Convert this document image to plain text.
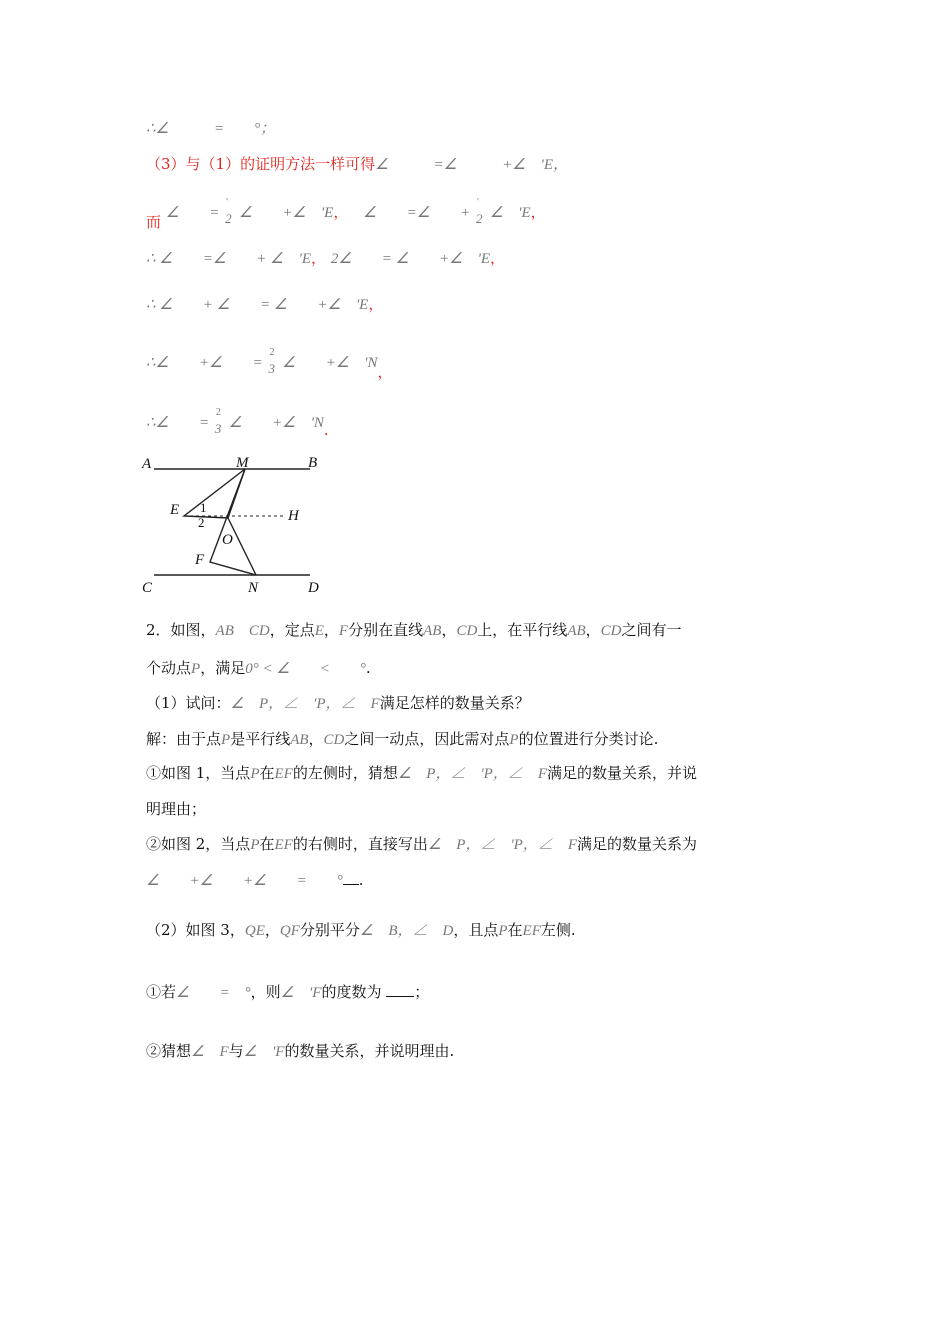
∴∠　　　=　　°；
（3）与（1）的证明方法一样可得∠　　　=∠　　　+∠　'E，
而 ∠　　=
'
2 ∠　　+∠　'E， ∠　　=∠　　+
'
2 ∠　'E，
∴ ∠　　=∠　　+ ∠　'E， 2∠　　= ∠　　+∠　'E，
∴ ∠　　+ ∠　　= ∠　　+∠　'E，
∴∠　　+∠　　=
2
3 ∠　　+∠　'N，
∴∠　　=
2
3 ∠　　+∠　'N.
A	M	B
E	H
O
F
C	N	D
1
2
2．如图，AB　CD，定点E，F分别在直线AB，CD上，在平行线AB，CD之间有一
个动点P，满足0° < ∠　　<　　°.
（1）试问：∠　P，∠　'P，∠　F满足怎样的数量关系？
解：由于点P是平行线AB，CD之间一动点，因此需对点P的位置进行分类讨论.
①如图 1，当点P在EF的左侧时，猜想∠　P，∠　'P，∠　F满足的数量关系，并说
明理由；
②如图 2，当点P在EF的右侧时，直接写出∠　P，∠　'P，∠　F满足的数量关系为
∠　　+∠　　+∠　　=　　° .
（2）如图 3，QE，QF分别平分∠　B，∠　D，且点P在EF左侧.
①若∠　　=　°，则∠　'F的度数为 ；
②猜想∠　F与∠　'F的数量关系，并说明理由.
